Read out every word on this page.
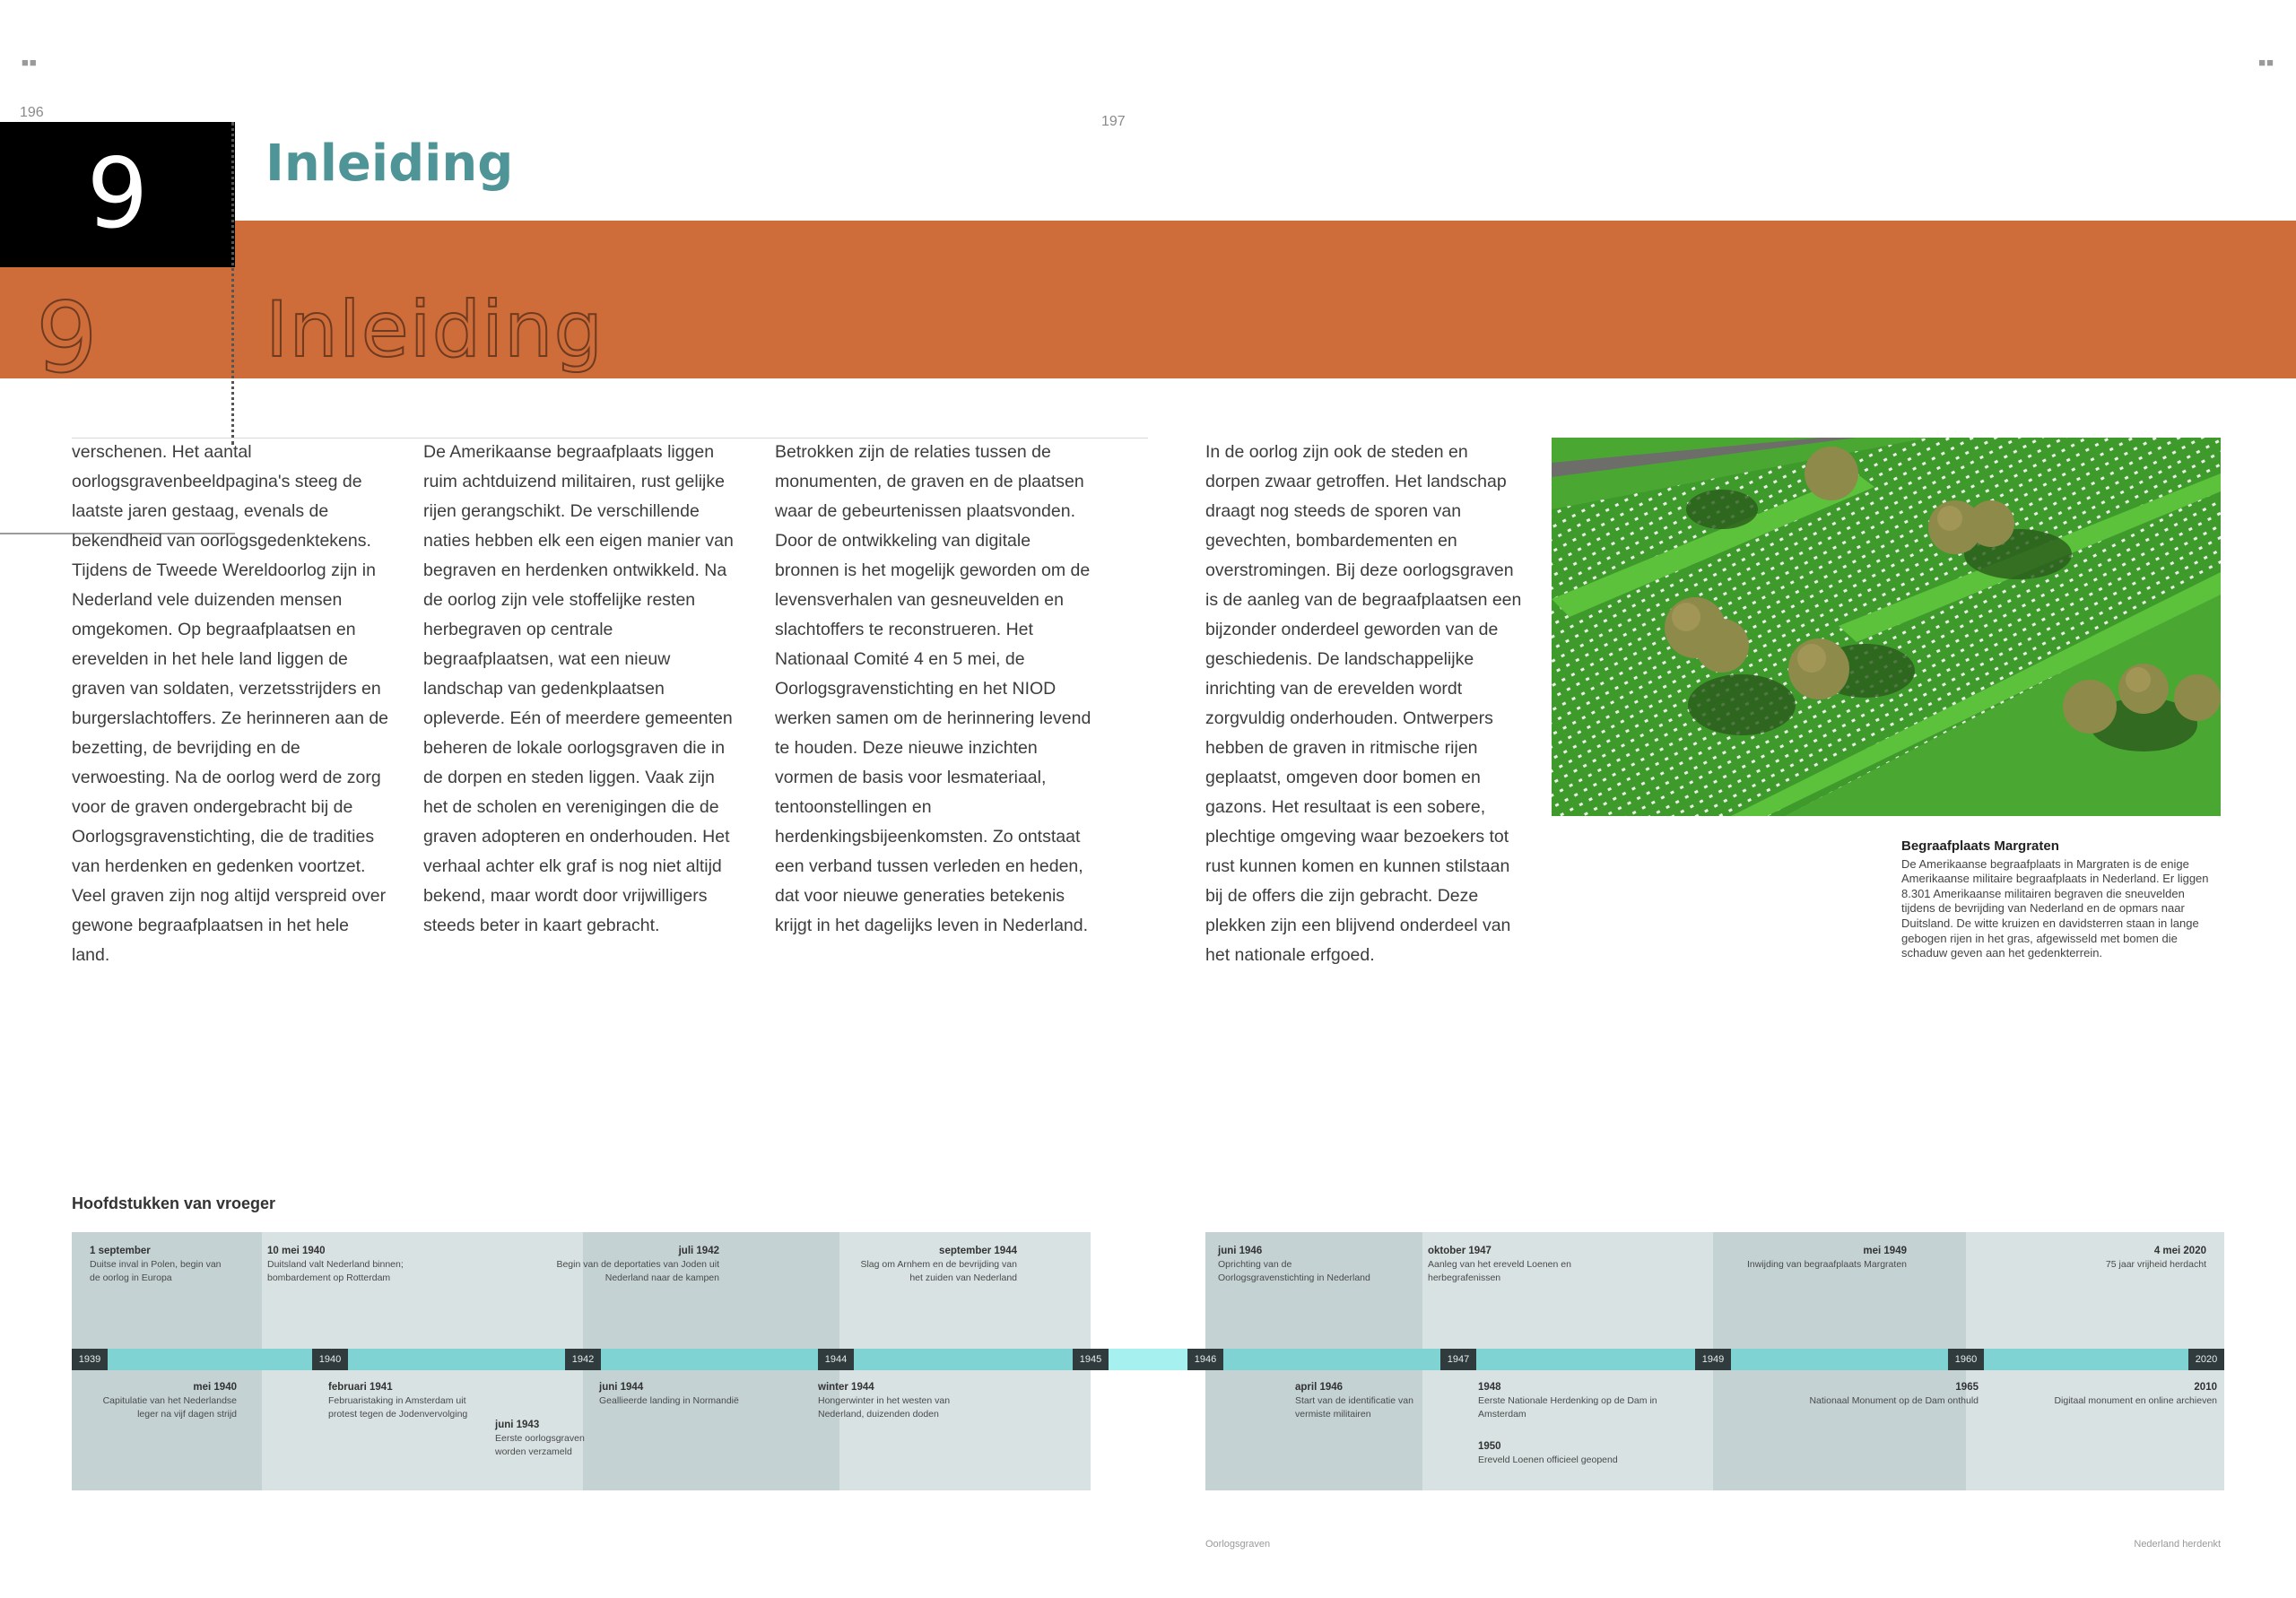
■■	■■
196
197
9	Inleiding
9 Inleiding
verschenen. Het aantal oorlogsgravenbeeldpagina's steeg de laatste jaren gestaag, evenals de bekendheid van oorlogsgedenktekens. Tijdens de Tweede Wereldoorlog zijn in Nederland vele duizenden mensen omgekomen. Op begraafplaatsen en erevelden in het hele land liggen de graven van soldaten, verzetsstrijders en burgerslachtoffers. Ze herinneren aan de bezetting, de bevrijding en de verwoesting. Na de oorlog werd de zorg voor de graven ondergebracht bij de Oorlogsgravenstichting, die de tradities van herdenken en gedenken voortzet. Veel graven zijn nog altijd verspreid over gewone begraafplaatsen in het hele land.
De Amerikaanse begraafplaats liggen ruim achtduizend militairen, rust gelijke rijen gerangschikt. De verschillende naties hebben elk een eigen manier van begraven en herdenken ontwikkeld. Na de oorlog zijn vele stoffelijke resten herbegraven op centrale begraafplaatsen, wat een nieuw landschap van gedenkplaatsen opleverde. Eén of meerdere gemeenten beheren de lokale oorlogsgraven die in de dorpen en steden liggen. Vaak zijn het de scholen en verenigingen die de graven adopteren en onderhouden. Het verhaal achter elk graf is nog niet altijd bekend, maar wordt door vrijwilligers steeds beter in kaart gebracht.
Betrokken zijn de relaties tussen de monumenten, de graven en de plaatsen waar de gebeurtenissen plaatsvonden. Door de ontwikkeling van digitale bronnen is het mogelijk geworden om de levensverhalen van gesneuvelden en slachtoffers te reconstrueren. Het Nationaal Comité 4 en 5 mei, de Oorlogsgravenstichting en het NIOD werken samen om de herinnering levend te houden. Deze nieuwe inzichten vormen de basis voor lesmateriaal, tentoonstellingen en herdenkingsbijeenkomsten. Zo ontstaat een verband tussen verleden en heden, dat voor nieuwe generaties betekenis krijgt in het dagelijks leven in Nederland.
In de oorlog zijn ook de steden en dorpen zwaar getroffen. Het landschap draagt nog steeds de sporen van gevechten, bombardementen en overstromingen. Bij deze oorlogsgraven is de aanleg van de begraafplaatsen een bijzonder onderdeel geworden van de geschiedenis. De landschappelijke inrichting van de erevelden wordt zorgvuldig onderhouden. Ontwerpers hebben de graven in ritmische rijen geplaatst, omgeven door bomen en gazons. Het resultaat is een sobere, plechtige omgeving waar bezoekers tot rust kunnen komen en kunnen stilstaan bij de offers die zijn gebracht. Deze plekken zijn een blijvend onderdeel van het nationale erfgoed.
Begraafplaats Margraten
De Amerikaanse begraafplaats in Margraten is de enige Amerikaanse militaire begraafplaats in Nederland. Er liggen 8.301 Amerikaanse militairen begraven die sneuvelden tijdens de bevrijding van Nederland en de opmars naar Duitsland. De witte kruizen en davidsterren staan in lange gebogen rijen in het gras, afgewisseld met bomen die schaduw geven aan het gedenkterrein.
Hoofdstukken van vroeger
1939	1940	1942	1944	1945
1 september
Duitse inval in Polen, begin van de oorlog in Europa
10 mei 1940
Duitsland valt Nederland binnen; bombardement op Rotterdam
juli 1942
Begin van de deportaties van Joden uit Nederland naar de kampen
september 1944
Slag om Arnhem en de bevrijding van het zuiden van Nederland
mei 1940
Capitulatie van het Nederlandse leger na vijf dagen strijd
februari 1941
Februaristaking in Amsterdam uit protest tegen de Jodenvervolging
juni 1943
Eerste oorlogsgraven worden verzameld
juni 1944
Geallieerde landing in Normandië
winter 1944
Hongerwinter in het westen van Nederland, duizenden doden
1946	1947	1949	1960	2020
juni 1946
Oprichting van de Oorlogsgravenstichting in Nederland
oktober 1947
Aanleg van het ereveld Loenen en herbegrafenissen
mei 1949
Inwijding van begraafplaats Margraten
4 mei 2020
75 jaar vrijheid herdacht
april 1946
Start van de identificatie van vermiste militairen
1948
Eerste Nationale Herdenking op de Dam in Amsterdam
1950
Ereveld Loenen officieel geopend
1965
Nationaal Monument op de Dam onthuld
2010
Digitaal monument en online archieven
Oorlogsgraven	Nederland herdenkt
